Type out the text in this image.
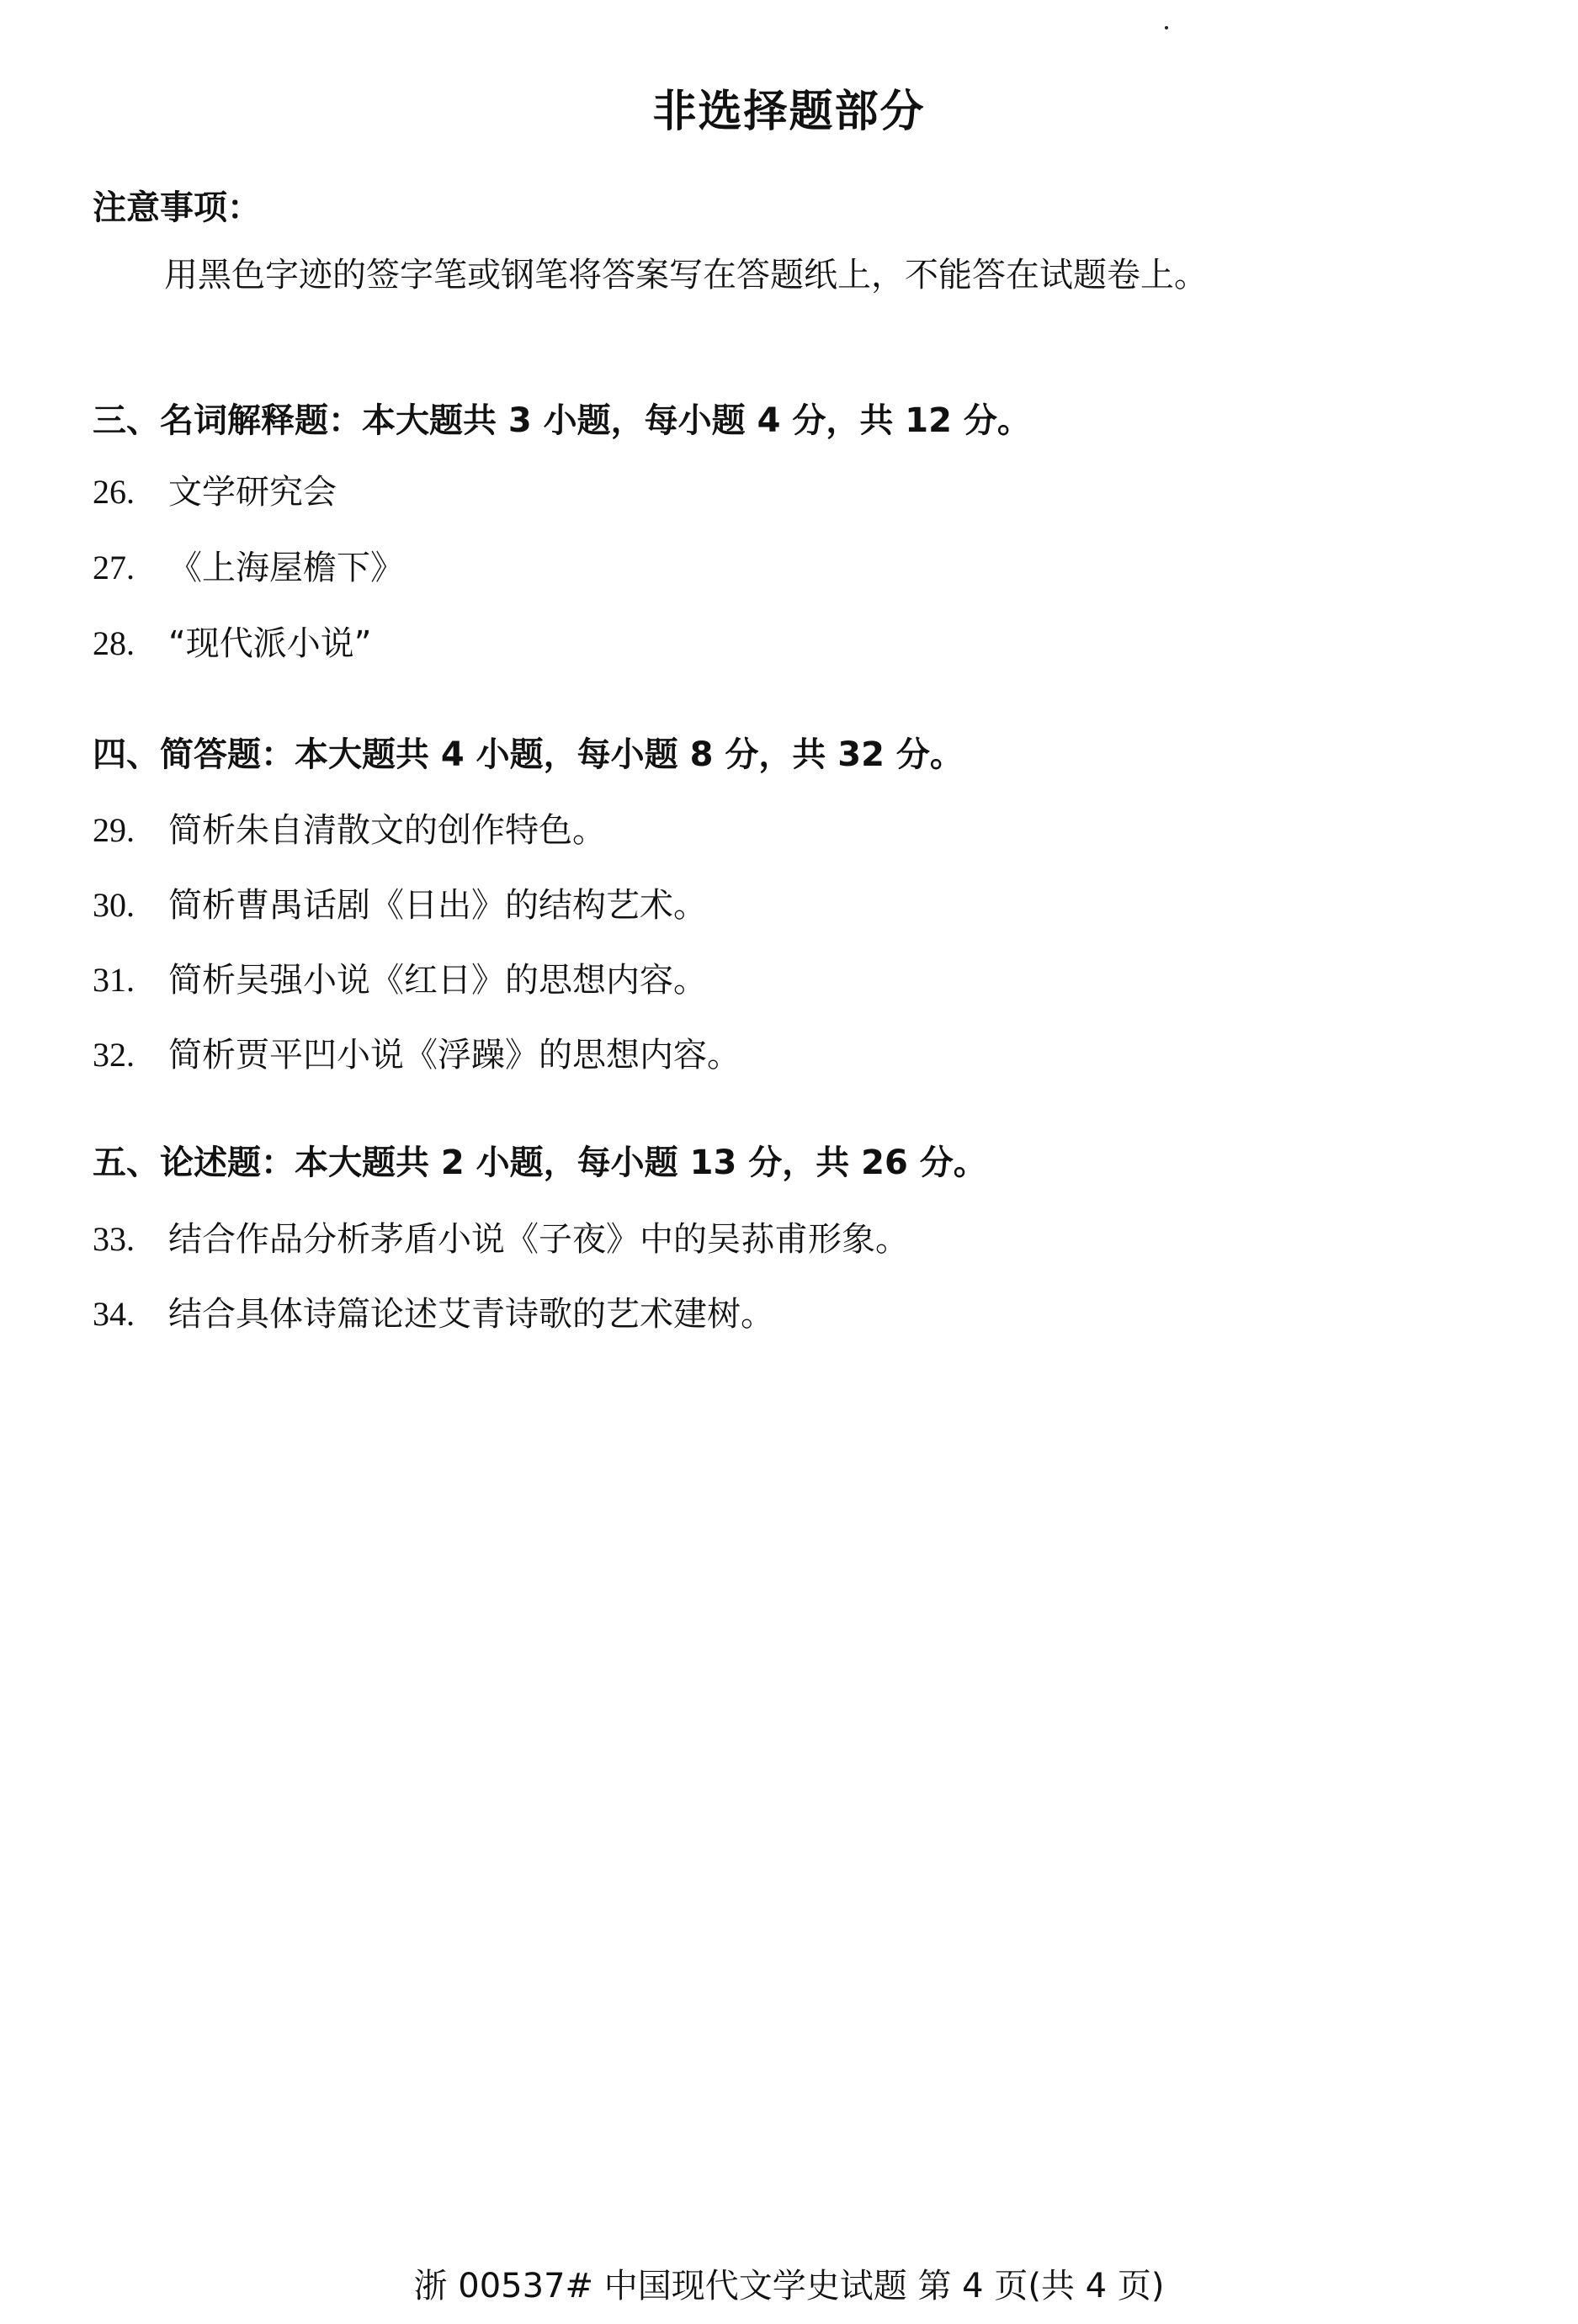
非选择题部分
注意事项：
用黑色字迹的签字笔或钢笔将答案写在答题纸上，不能答在试题卷上。
三、名词解释题：本大题共 3 小题，每小题 4 分，共 12 分。
26. 文学研究会
27. 《上海屋檐下》
28. “现代派小说”
四、简答题：本大题共 4 小题，每小题 8 分，共 32 分。
29. 简析朱自清散文的创作特色。
30. 简析曹禺话剧《日出》的结构艺术。
31. 简析吴强小说《红日》的思想内容。
32. 简析贾平凹小说《浮躁》的思想内容。
五、论述题：本大题共 2 小题，每小题 13 分，共 26 分。
33. 结合作品分析茅盾小说《子夜》中的吴荪甫形象。
34. 结合具体诗篇论述艾青诗歌的艺术建树。
浙 00537# 中国现代文学史试题 第 4 页(共 4 页)
